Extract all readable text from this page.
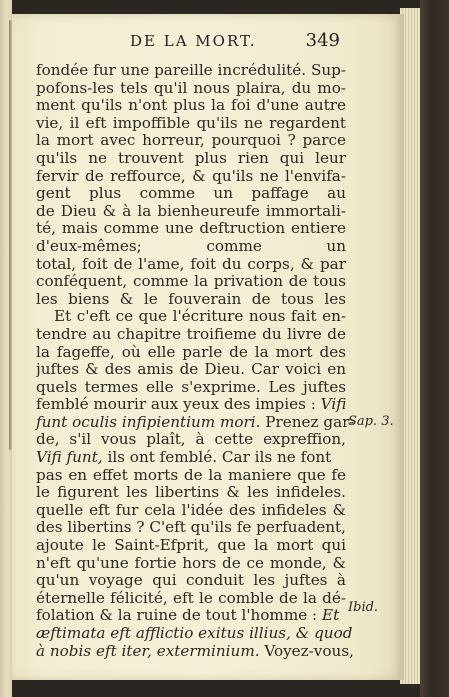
DE LA MORT.	349
fondée fur une pareille incrédulité. Sup-
pofons-les tels qu'il nous plaira, du mo-
ment qu'ils n'ont plus la foi d'une autre
vie, il eft impoffible qu'ils ne regardent
la mort avec horreur, pourquoi ? parce
qu'ils ne trouvent plus rien qui leur
fervir de reffource, & qu'ils ne l'envifa-
gent plus comme un paffage au
de Dieu & à la bienheureufe immortali-
té, mais comme une deftruction entiere
d'eux-mêmes; comme un
total, foit de l'ame, foit du corps, & par
conféquent, comme la privation de tous
les biens & le fouverain de tous les
Et c'eft ce que l'écriture nous fait en-
tendre au chapitre troifieme du livre de
la fageffe, où elle parle de la mort des
juftes & des amis de Dieu. Car voici en
quels termes elle s'exprime. Les juftes
femblé mourir aux yeux des impies : Vifi
funt oculis infipientium mori. Prenez gar-
de, s'il vous plaît, à cette expreffion,
Vifi funt, ils ont femblé. Car ils ne font
pas en effet morts de la maniere que fe
le figurent les libertins & les infideles.
quelle eft fur cela l'idée des infideles &
des libertins ? C'eft qu'ils fe perfuadent,
ajoute le Saint-Efprit, que la mort qui
n'eft qu'une fortie hors de ce monde, &
qu'un voyage qui conduit les juftes à
éternelle félicité, eft le comble de la dé-
folation & la ruine de tout l'homme : Et
æftimata eft afflictio exitus illius, & quod
à nobis eft iter, exterminium. Voyez-vous,
Sap. 3.
Ibid.
